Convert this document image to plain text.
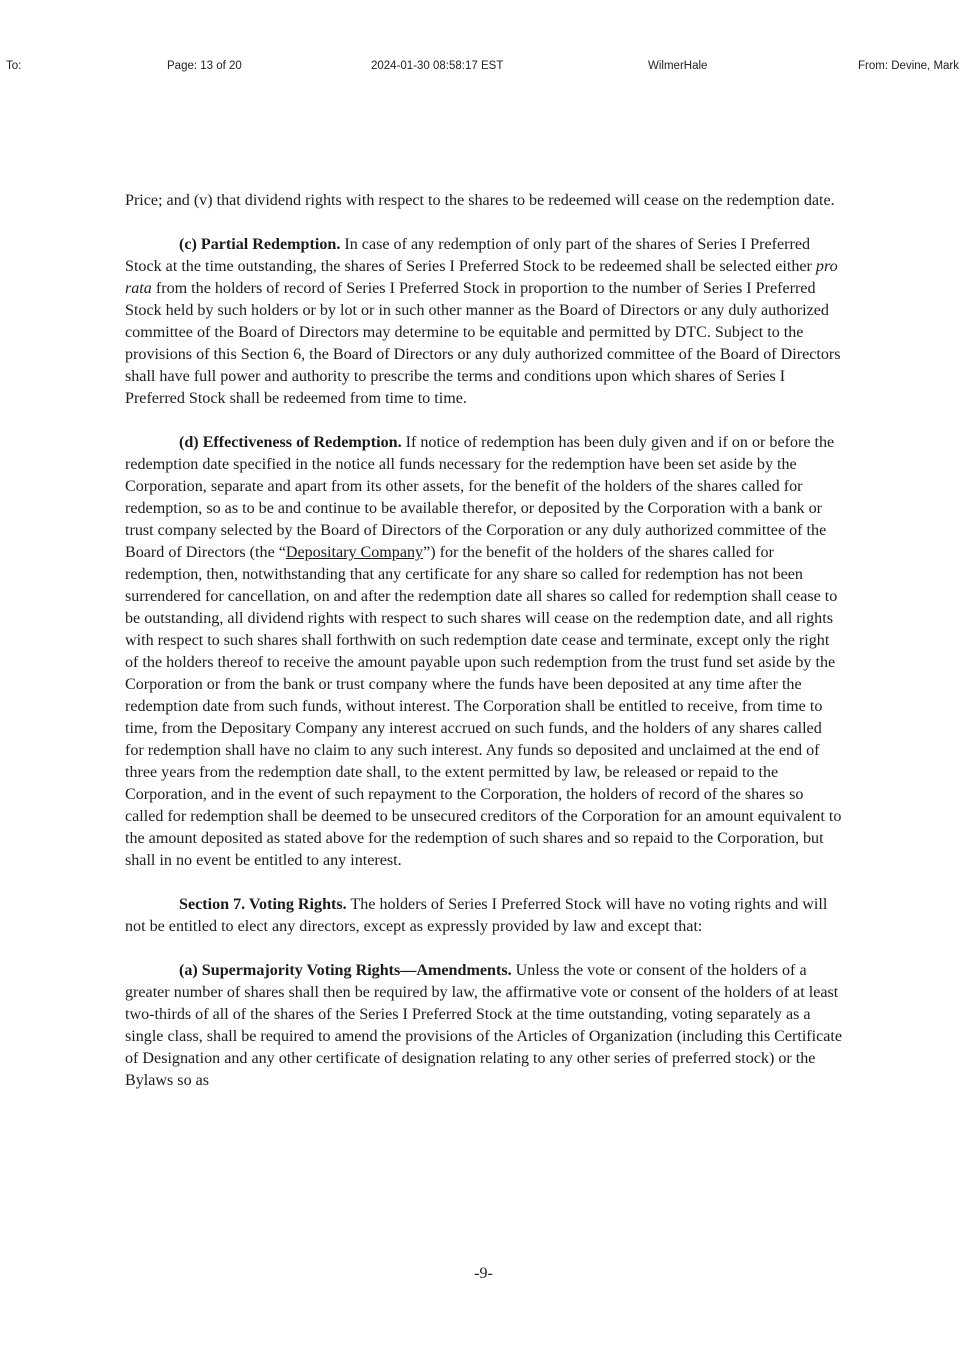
To:	Page: 13 of 20	2024-01-30 08:58:17 EST	WilmerHale	From: Devine, Mark

Price; and (v) that dividend rights with respect to the shares to be redeemed will cease on the redemption date.

(c) Partial Redemption. In case of any redemption of only part of the shares of Series I Preferred Stock at the time outstanding, the shares of Series I Preferred Stock to be redeemed shall be selected either pro rata from the holders of record of Series I Preferred Stock in proportion to the number of Series I Preferred Stock held by such holders or by lot or in such other manner as the Board of Directors or any duly authorized committee of the Board of Directors may determine to be equitable and permitted by DTC. Subject to the provisions of this Section 6, the Board of Directors or any duly authorized committee of the Board of Directors shall have full power and authority to prescribe the terms and conditions upon which shares of Series I Preferred Stock shall be redeemed from time to time.

(d) Effectiveness of Redemption. If notice of redemption has been duly given and if on or before the redemption date specified in the notice all funds necessary for the redemption have been set aside by the Corporation, separate and apart from its other assets, for the benefit of the holders of the shares called for redemption, so as to be and continue to be available therefor, or deposited by the Corporation with a bank or trust company selected by the Board of Directors of the Corporation or any duly authorized committee of the Board of Directors (the “Depositary Company”) for the benefit of the holders of the shares called for redemption, then, notwithstanding that any certificate for any share so called for redemption has not been surrendered for cancellation, on and after the redemption date all shares so called for redemption shall cease to be outstanding, all dividend rights with respect to such shares will cease on the redemption date, and all rights with respect to such shares shall forthwith on such redemption date cease and terminate, except only the right of the holders thereof to receive the amount payable upon such redemption from the trust fund set aside by the Corporation or from the bank or trust company where the funds have been deposited at any time after the redemption date from such funds, without interest. The Corporation shall be entitled to receive, from time to time, from the Depositary Company any interest accrued on such funds, and the holders of any shares called for redemption shall have no claim to any such interest. Any funds so deposited and unclaimed at the end of three years from the redemption date shall, to the extent permitted by law, be released or repaid to the Corporation, and in the event of such repayment to the Corporation, the holders of record of the shares so called for redemption shall be deemed to be unsecured creditors of the Corporation for an amount equivalent to the amount deposited as stated above for the redemption of such shares and so repaid to the Corporation, but shall in no event be entitled to any interest.

Section 7. Voting Rights. The holders of Series I Preferred Stock will have no voting rights and will not be entitled to elect any directors, except as expressly provided by law and except that:

(a) Supermajority Voting Rights—Amendments. Unless the vote or consent of the holders of a greater number of shares shall then be required by law, the affirmative vote or consent of the holders of at least two-thirds of all of the shares of the Series I Preferred Stock at the time outstanding, voting separately as a single class, shall be required to amend the provisions of the Articles of Organization (including this Certificate of Designation and any other certificate of designation relating to any other series of preferred stock) or the Bylaws so as

-9-
